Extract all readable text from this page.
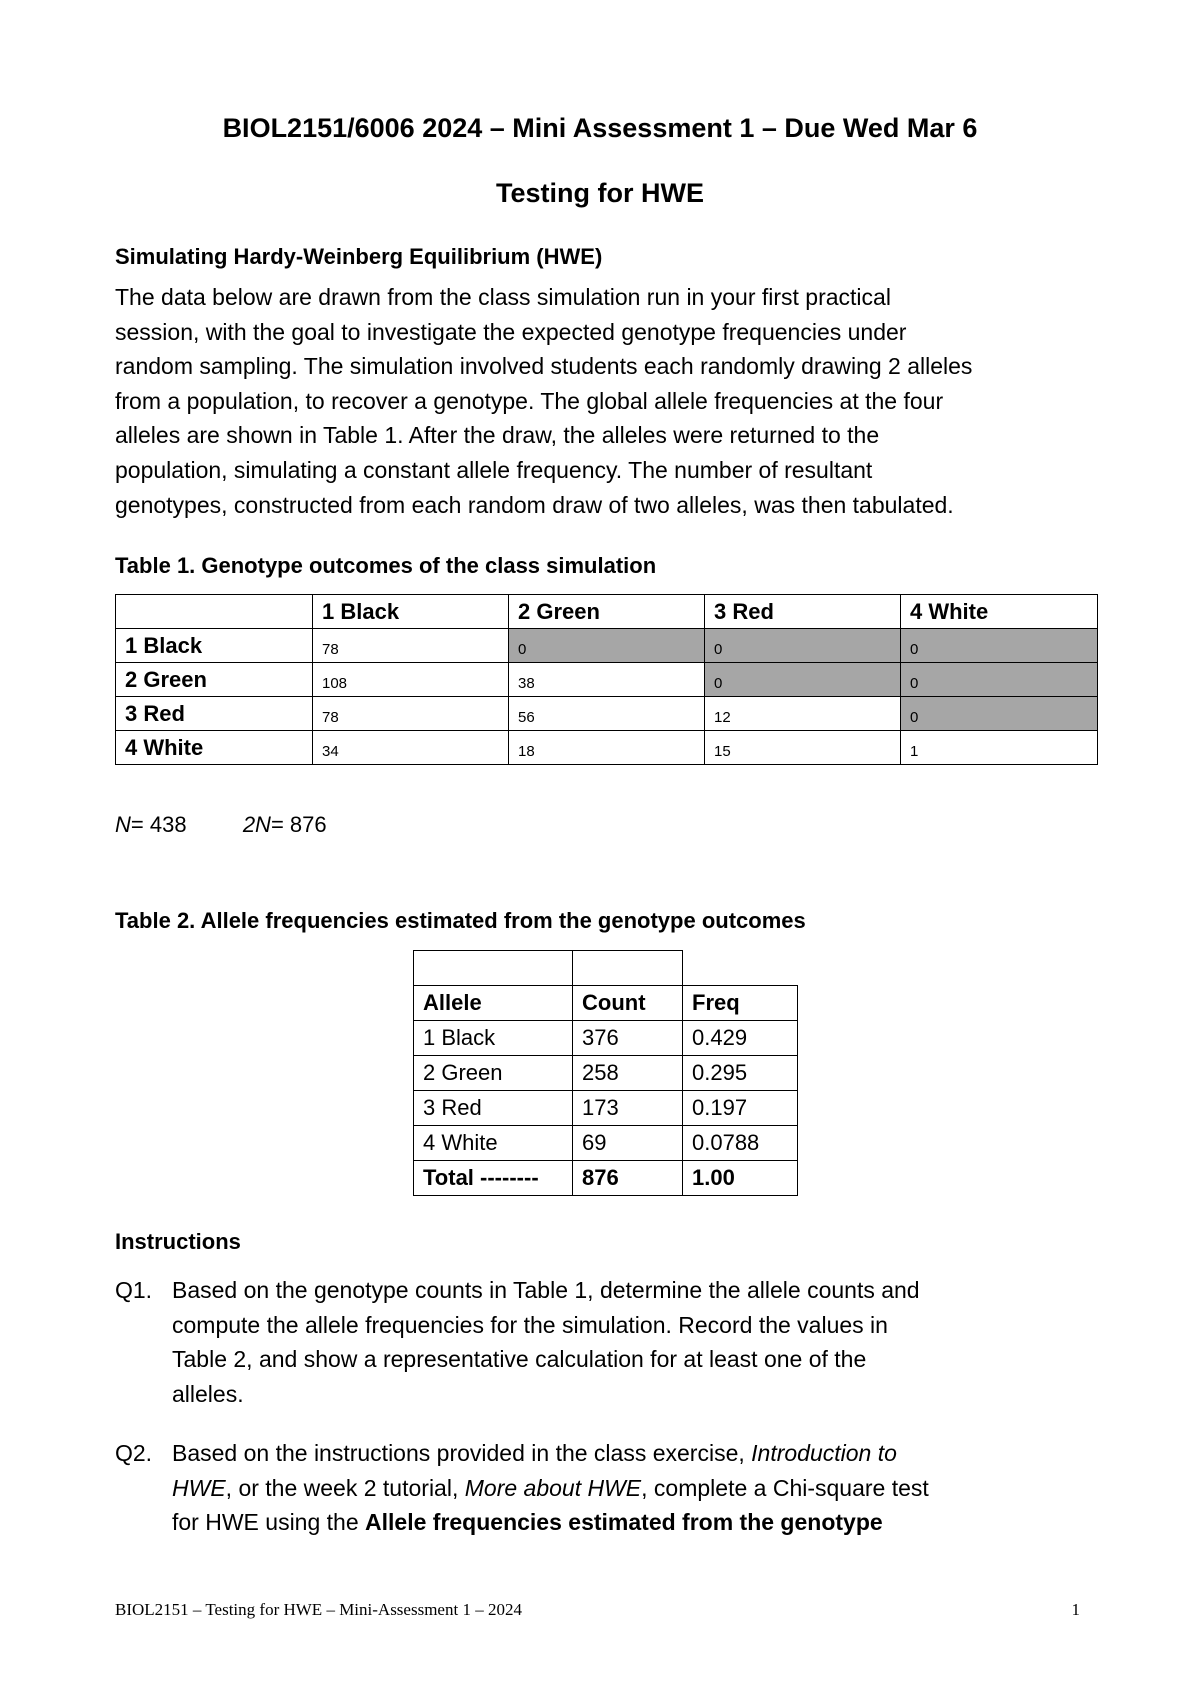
BIOL2151/6006 2024 – Mini Assessment 1 – Due Wed Mar 6
Testing for HWE
Simulating Hardy-Weinberg Equilibrium (HWE)
The data below are drawn from the class simulation run in your first practical
session, with the goal to investigate the expected genotype frequencies under
random sampling. The simulation involved students each randomly drawing 2 alleles
from a population, to recover a genotype. The global allele frequencies at the four
alleles are shown in Table 1. After the draw, the alleles were returned to the
population, simulating a constant allele frequency. The number of resultant
genotypes, constructed from each random draw of two alleles, was then tabulated.
Table 1. Genotype outcomes of the class simulation
	1 Black	2 Green	3 Red	4 White
1 Black	78	0	0	0
2 Green	108	38	0	0
3 Red	78	56	12	0
4 White	34	18	15	1
N= 438	2N= 876
Table 2. Allele frequencies estimated from the genotype outcomes

Allele	Count	Freq
1 Black	376	0.429
2 Green	258	0.295
3 Red	173	0.197
4 White	69	0.0788
Total --------	876	1.00
Instructions
Q1. Based on the genotype counts in Table 1, determine the allele counts and
compute the allele frequencies for the simulation. Record the values in
Table 2, and show a representative calculation for at least one of the
alleles.
Q2. Based on the instructions provided in the class exercise, Introduction to
HWE, or the week 2 tutorial, More about HWE, complete a Chi-square test
for HWE using the Allele frequencies estimated from the genotype
BIOL2151 – Testing for HWE – Mini-Assessment 1 – 2024	1
